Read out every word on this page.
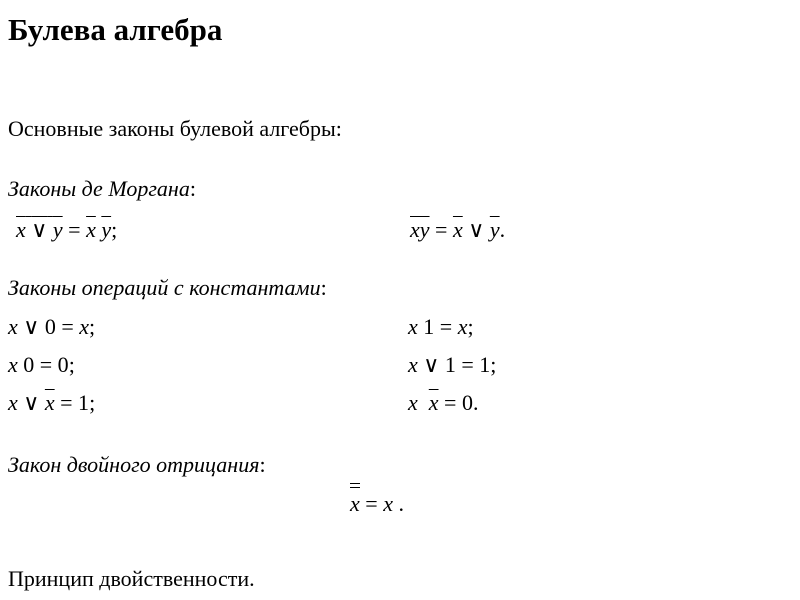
Булева алгебра
Основные законы булевой алгебры:
Законы де Моргана:
x ∨ $y = \overline{x}$ $\overline{y}$;	$\overline{xy} = \overline{x}$ ∨ $\overline{y}$.
Законы операций с константами:
x ∨ 0 = x;	x 1 = x;
x 0 = 0;	x ∨ 1 = 1;
x ∨ $\overline{x} = 1$;	x $\overline{x} = 0$.
Закон двойного отрицания:
x = x .
Принцип двойственности.
